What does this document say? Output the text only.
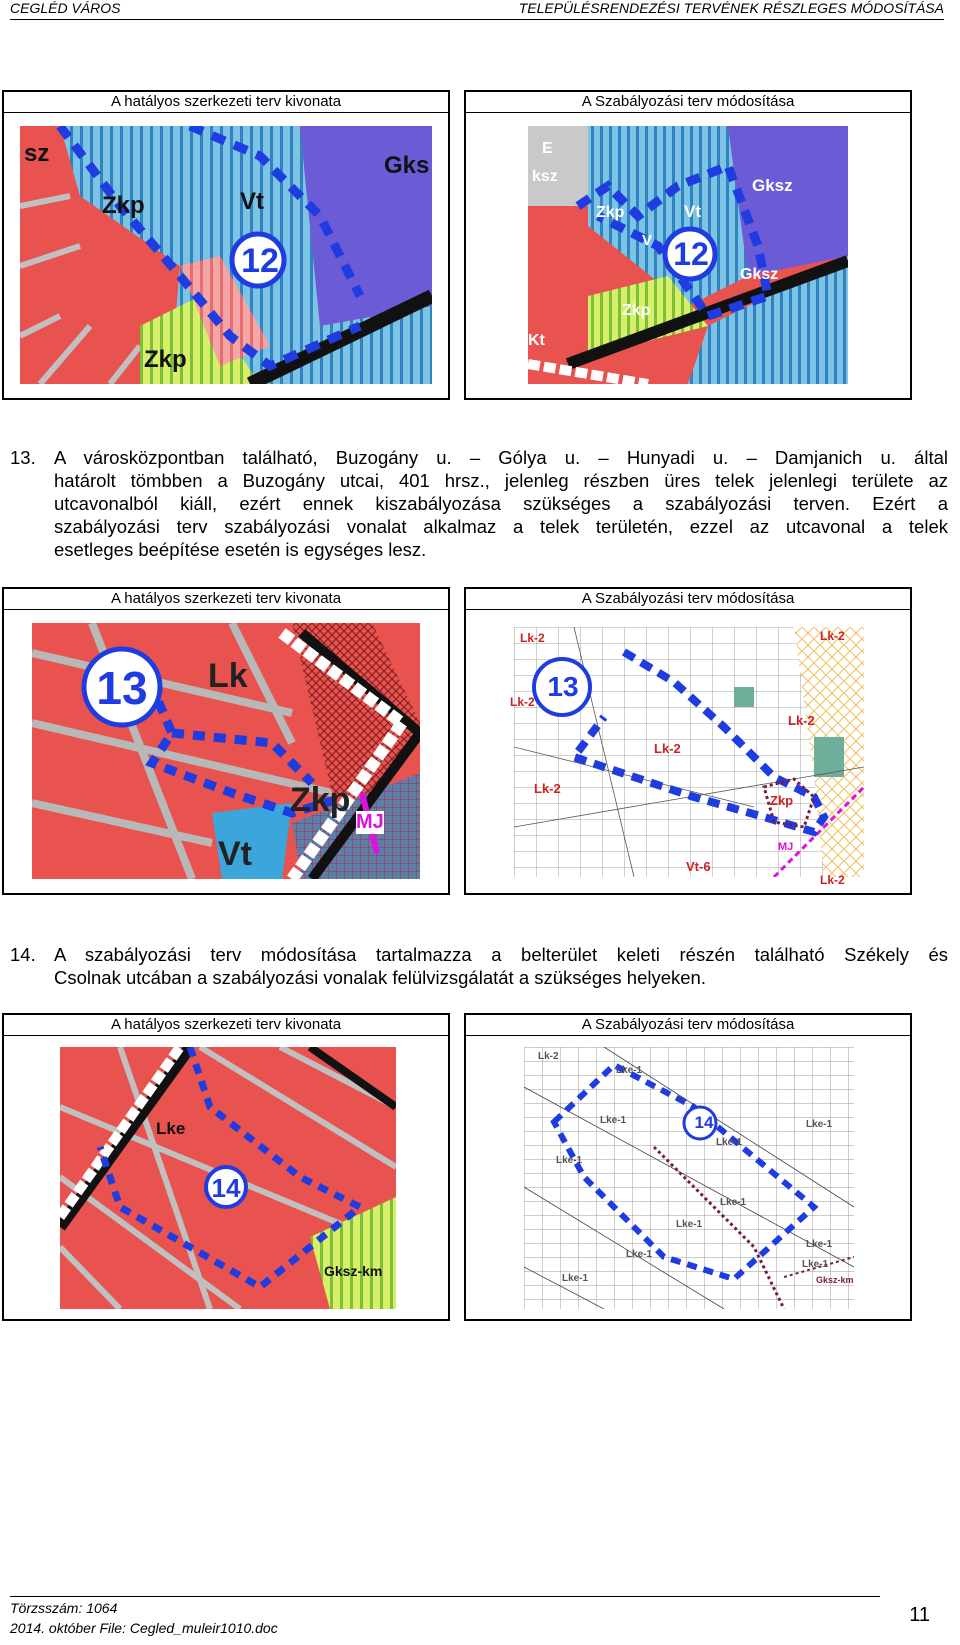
CEGLÉD VÁROS	TELEPÜLÉSRENDEZÉSI TERVÉNEK RÉSZLEGES MÓDOSÍTÁSA
A hatályos szerkezeti terv kivonata
sz
Zkp	Vt
Gks
Zkp
12
A Szabályozási terv módosítása
E
ksz	Gksz
Zkp	Vt
V
Gksz
Zkp
Kt
12
13. A városközpontban található, Buzogány u. – Gólya u. – Hunyadi u. – Damjanich u. által
határolt tömbben a Buzogány utcai, 401 hrsz., jelenleg részben üres telek jelenlegi területe az
utcavonalból kiáll, ezért ennek kiszabályozása szükséges a szabályozási terven. Ezért a
szabályozási terv szabályozási vonalat alkalmaz a telek területén, ezzel az utcavonal a telek
esetleges beépítése esetén is egységes lesz.
A hatályos szerkezeti terv kivonata
Lk
Zkp
Vt
MJ
13
A Szabályozási terv módosítása
Lk-2
Lk-2
Lk-2
Lk-2
Lk-2
Lk-2
Zkp
Vt-6
MJ
Lk-2
13
14. A szabályozási terv módosítása tartalmazza a belterület keleti részén található Székely és
Csolnak utcában a szabályozási vonalak felülvizsgálatát a szükséges helyeken.
A hatályos szerkezeti terv kivonata
Lke
Gksz-km
14
A Szabályozási terv módosítása
Lk-2
Lke-1
Lke-1
Lke-1
Lke-1
Lke-1
Lke-1
Lke-1
Lke-1
Lke-1
Lke-1
Lke-1
Gksz-km
14
Törzsszám: 1064
2014. október File: Cegled_muleir1010.doc
11
